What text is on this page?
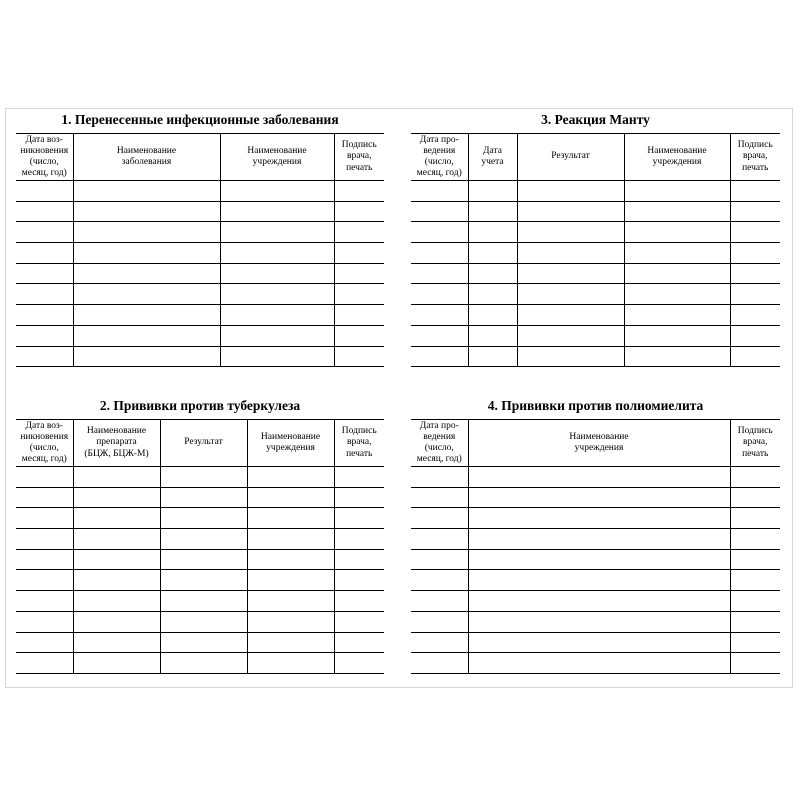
1. Перенесенные инфекционные заболевания
Дата воз-
никновения
(число,
месяц, год)	Наименование
заболевания	Наименование
учреждения	Подпись
врача,
печать

3. Реакция Манту
Дата про-
ведения
(число,
месяц, год)	Дата
учета	Результат	Наименование
учреждения	Подпись
врача,
печать

2. Прививки против туберкулеза
Дата воз-
никновения
(число,
месяц, год)	Наименование
препарата
(БЦЖ, БЦЖ-М)	Результат	Наименование
учреждения	Подпись
врача,
печать

4. Прививки против полиомиелита
Дата про-
ведения
(число,
месяц, год)	Наименование
учреждения	Подпись
врача,
печать
